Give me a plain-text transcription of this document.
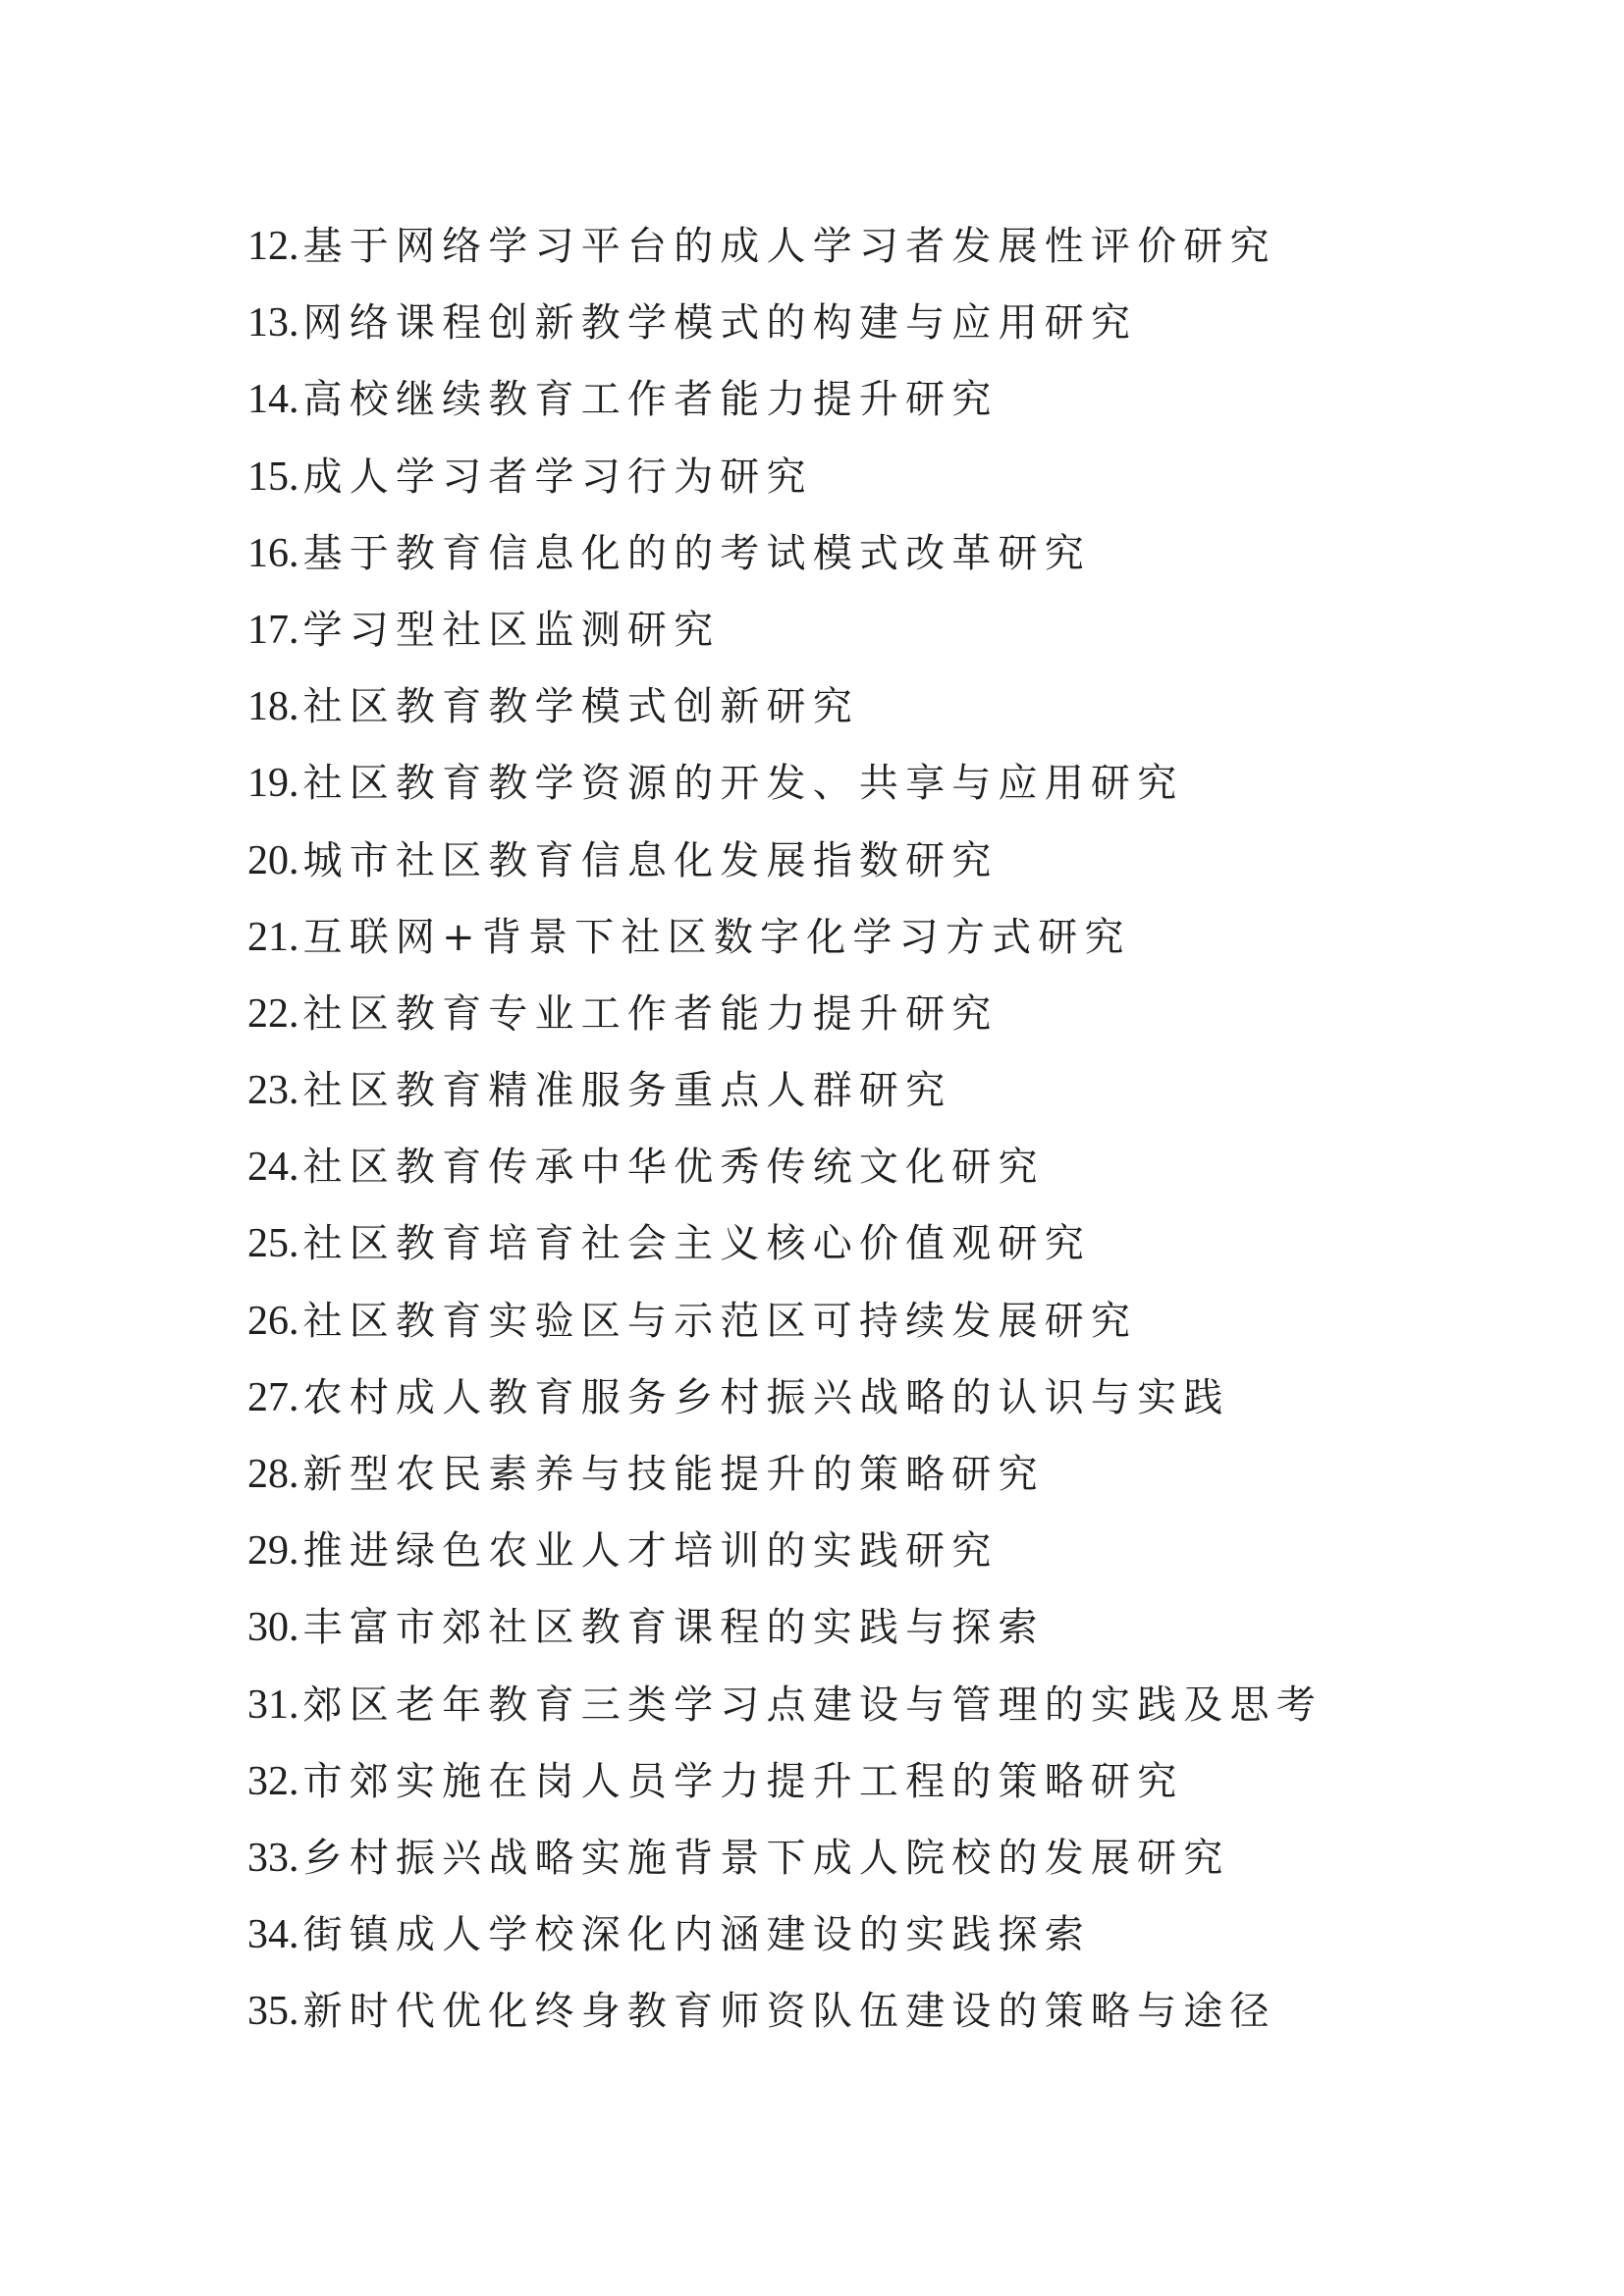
12. 基于网络学习平台的成人学习者发展性评价研究
13. 网络课程创新教学模式的构建与应用研究
14. 高校继续教育工作者能力提升研究
15. 成人学习者学习行为研究
16. 基于教育信息化的的考试模式改革研究
17. 学习型社区监测研究
18. 社区教育教学模式创新研究
19. 社区教育教学资源的开发、共享与应用研究
20. 城市社区教育信息化发展指数研究
21. 互联网+背景下社区数字化学习方式研究
22. 社区教育专业工作者能力提升研究
23. 社区教育精准服务重点人群研究
24. 社区教育传承中华优秀传统文化研究
25. 社区教育培育社会主义核心价值观研究
26. 社区教育实验区与示范区可持续发展研究
27. 农村成人教育服务乡村振兴战略的认识与实践
28. 新型农民素养与技能提升的策略研究
29. 推进绿色农业人才培训的实践研究
30. 丰富市郊社区教育课程的实践与探索
31. 郊区老年教育三类学习点建设与管理的实践及思考
32. 市郊实施在岗人员学力提升工程的策略研究
33. 乡村振兴战略实施背景下成人院校的发展研究
34. 街镇成人学校深化内涵建设的实践探索
35. 新时代优化终身教育师资队伍建设的策略与途径
